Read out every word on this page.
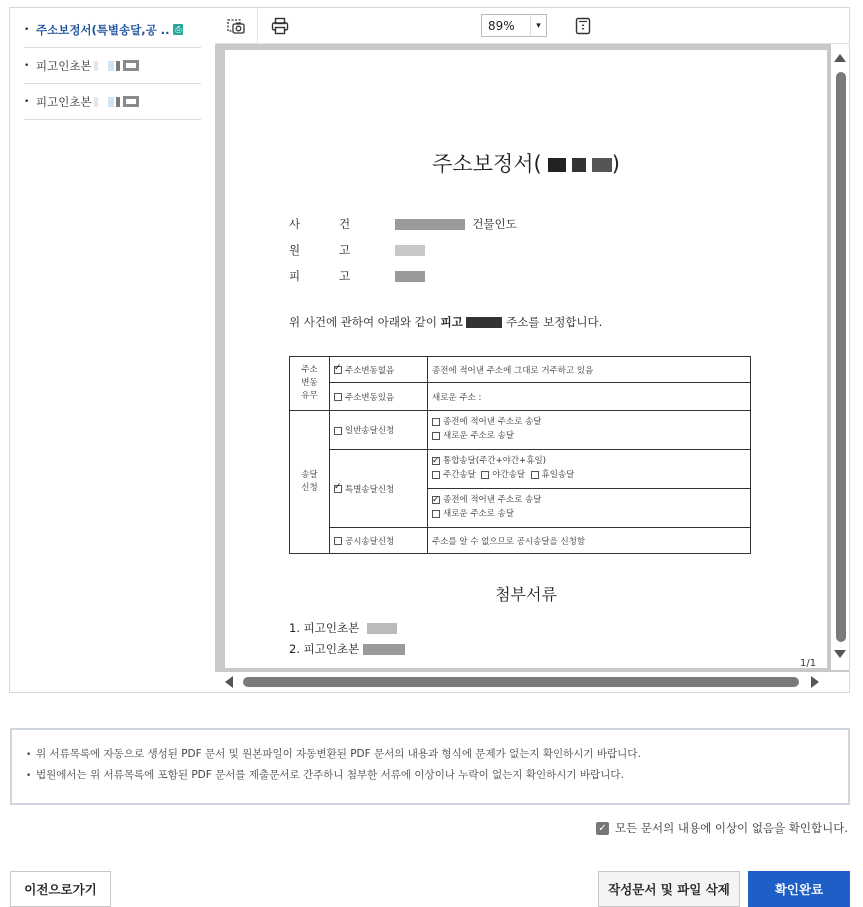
• 주소보정서(특별송달,공 .. ⎙
• 피고인초본
• 피고인초본
89%	▾
주소보정서(	)
사	건	건물인도
원	고
피	고
위 사건에 관하여 아래와 같이 피고	주소를 보정합니다.
주소
변동
유무	✓주소변동없음	종전에 적어낸 주소에 그대로 거주하고 있음
	주소변동있음	새로운 주소 :
송달
신청	일반송달신청	종전에 적어낸 주소로 송달
새로운 주소로 송달
✓특별송달신청	✓통합송달(주간+야간+휴일)
주간송달 야간송달 휴일송달
✓종전에 적어낸 주소로 송달
새로운 주소로 송달
	공시송달신청	주소를 알 수 없으므로 공시송달을 신청함
첨부서류
1. 피고인초본
2. 피고인초본
1/1
• 위 서류목록에 자동으로 생성된 PDF 문서 및 원본파일이 자동변환된 PDF 문서의 내용과 형식에 문제가 없는지 확인하시기 바랍니다.
• 법원에서는 위 서류목록에 포함된 PDF 문서를 제출문서로 간주하니 첨부한 서류에 이상이나 누락이 없는지 확인하시기 바랍니다.
✓ 모든 문서의 내용에 이상이 없음을 확인합니다.
이전으로가기	작성문서 및 파일 삭제	확인완료
